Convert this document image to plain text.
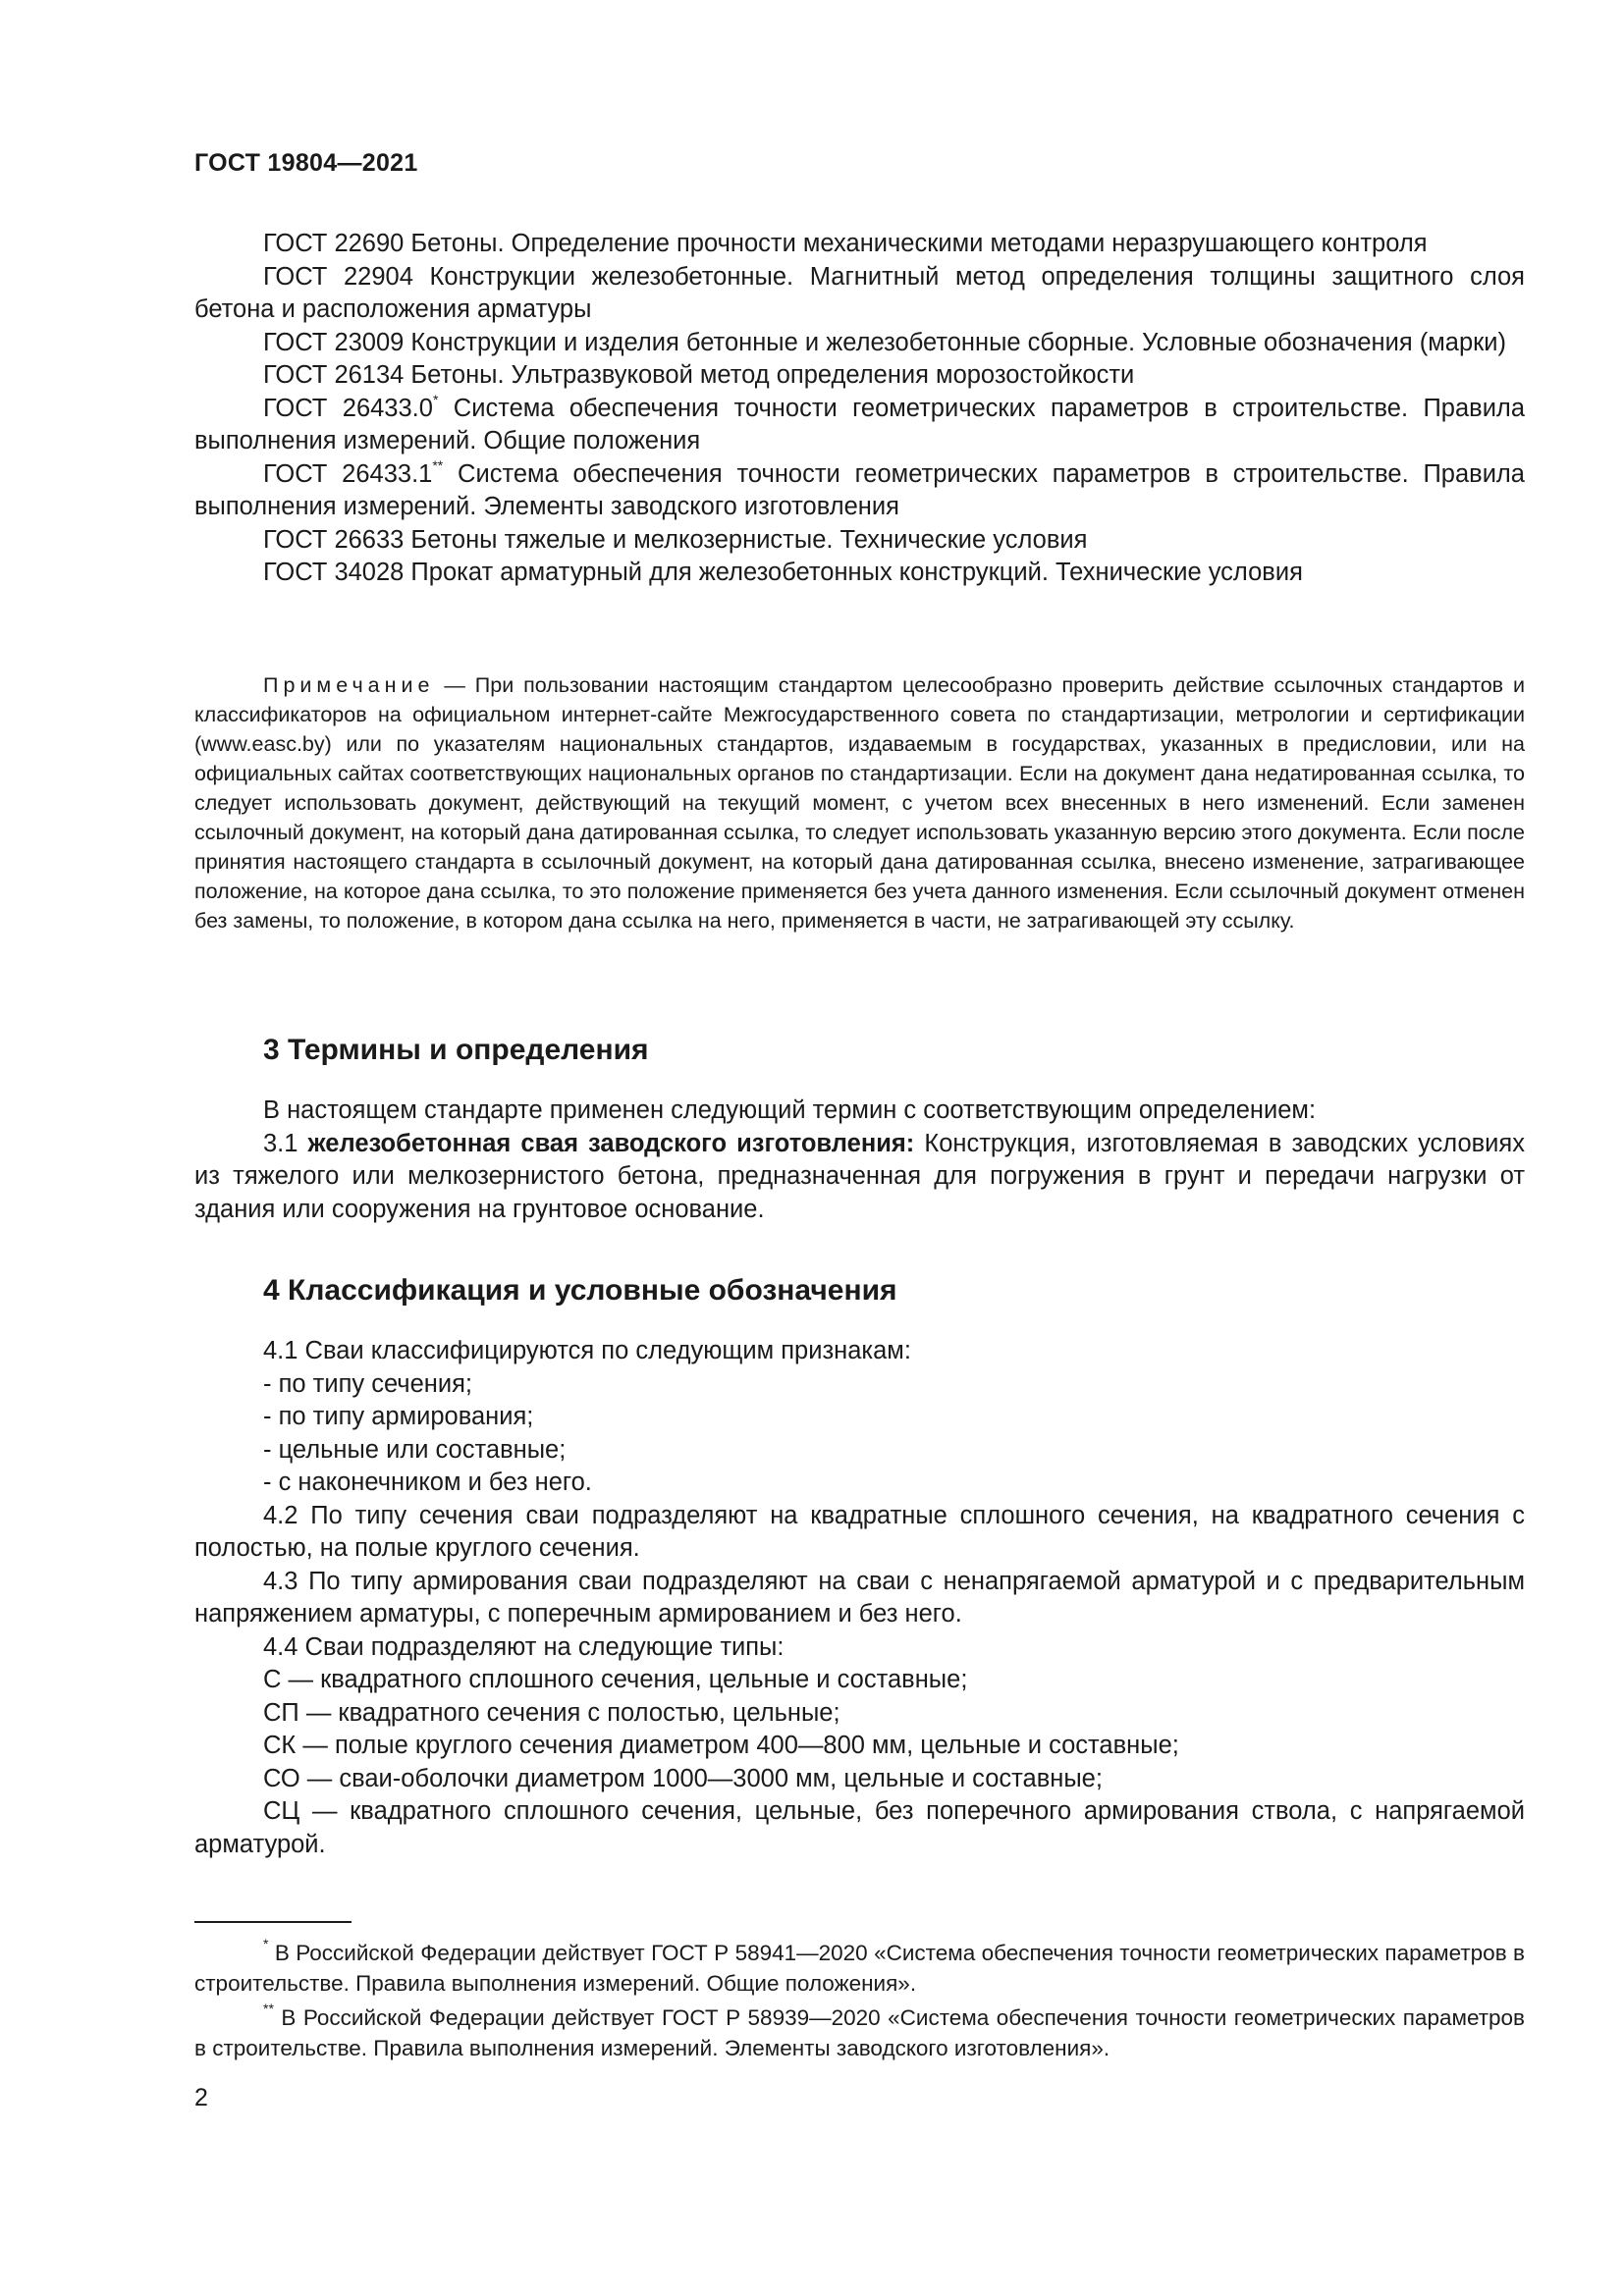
ГОСТ 19804—2021

ГОСТ 22690 Бетоны. Определение прочности механическими методами неразрушающего контроля

ГОСТ 22904 Конструкции железобетонные. Магнитный метод определения толщины защитного слоя бетона и расположения арматуры

ГОСТ 23009 Конструкции и изделия бетонные и железобетонные сборные. Условные обозначения (марки)

ГОСТ 26134 Бетоны. Ультразвуковой метод определения морозостойкости

ГОСТ 26433.0* Система обеспечения точности геометрических параметров в строительстве. Правила выполнения измерений. Общие положения

ГОСТ 26433.1** Система обеспечения точности геометрических параметров в строительстве. Правила выполнения измерений. Элементы заводского изготовления

ГОСТ 26633 Бетоны тяжелые и мелкозернистые. Технические условия

ГОСТ 34028 Прокат арматурный для железобетонных конструкций. Технические условия

Примечание — При пользовании настоящим стандартом целесообразно проверить действие ссылочных стандартов и классификаторов на официальном интернет-сайте Межгосударственного совета по стандартизации, метрологии и сертификации (www.easc.by) или по указателям национальных стандартов, издаваемым в государствах, указанных в предисловии, или на официальных сайтах соответствующих национальных органов по стандартизации. Если на документ дана недатированная ссылка, то следует использовать документ, действующий на текущий момент, с учетом всех внесенных в него изменений. Если заменен ссылочный документ, на который дана датированная ссылка, то следует использовать указанную версию этого документа. Если после принятия настоящего стандарта в ссылочный документ, на который дана датированная ссылка, внесено изменение, затрагивающее положение, на которое дана ссылка, то это положение применяется без учета данного изменения. Если ссылочный документ отменен без замены, то положение, в котором дана ссылка на него, применяется в части, не затрагивающей эту ссылку.

3 Термины и определения

В настоящем стандарте применен следующий термин с соответствующим определением:

3.1 железобетонная свая заводского изготовления: Конструкция, изготовляемая в заводских условиях из тяжелого или мелкозернистого бетона, предназначенная для погружения в грунт и передачи нагрузки от здания или сооружения на грунтовое основание.

4 Классификация и условные обозначения

4.1 Сваи классифицируются по следующим признакам:

- по типу сечения;

- по типу армирования;

- цельные или составные;

- с наконечником и без него.

4.2 По типу сечения сваи подразделяют на квадратные сплошного сечения, на квадратного сечения с полостью, на полые круглого сечения.

4.3 По типу армирования сваи подразделяют на сваи с ненапрягаемой арматурой и с предварительным напряжением арматуры, с поперечным армированием и без него.

4.4 Сваи подразделяют на следующие типы:

С — квадратного сплошного сечения, цельные и составные;

СП — квадратного сечения с полостью, цельные;

СК — полые круглого сечения диаметром 400—800 мм, цельные и составные;

СО — сваи-оболочки диаметром 1000—3000 мм, цельные и составные;

СЦ — квадратного сплошного сечения, цельные, без поперечного армирования ствола, с напрягаемой арматурой.

* В Российской Федерации действует ГОСТ Р 58941—2020 «Система обеспечения точности геометрических параметров в строительстве. Правила выполнения измерений. Общие положения».

** В Российской Федерации действует ГОСТ Р 58939—2020 «Система обеспечения точности геометрических параметров в строительстве. Правила выполнения измерений. Элементы заводского изготовления».

2
